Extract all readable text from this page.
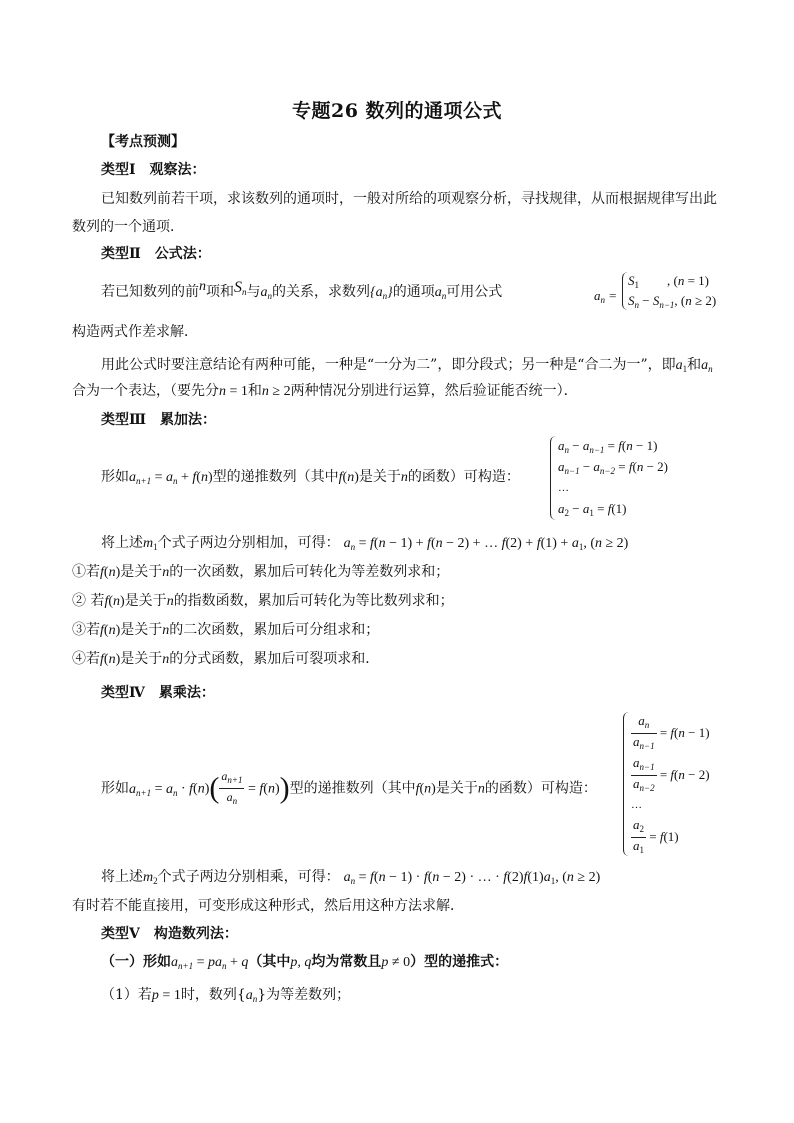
专题26 数列的通项公式
【考点预测】
类型Ⅰ　观察法：
已知数列前若干项，求该数列的通项时，一般对所给的项观察分析，寻找规律，从而根据规律写出此
数列的一个通项．
类型Ⅱ　公式法：
若已知数列的前n项和$S_n$与$a_n$的关系，求数列$\{a_n\}$的通项$a_n$可用公式	$a_n$ =
$S_1$ , (n = 1)
$S_n - S_{n-1}$, (n ≥ 2)
构造两式作差求解．
用此公式时要注意结论有两种可能，一种是“一分为二”，即分段式；另一种是“合二为一”，即$a_1$和$a_n$
合为一个表达，（要先分n = 1和n ≥ 2两种情况分别进行运算，然后验证能否统一）．
类型Ⅲ　累加法：
形如$a_{n+1} = a_n + f(n)$型的递推数列（其中f(n)是关于n的函数）可构造：
$a_n - a_{n-1} = f(n - 1)$
$a_{n-1} - a_{n-2} = f(n - 2)$
…
$a_2 - a_1 = f(1)$
将上述$m_1$个式子两边分别相加，可得： $a_n = f(n - 1) + f(n - 2)$ + … $f(2) + f(1) + a_1$, (n ≥ 2)
①若f(n)是关于n的一次函数，累加后可转化为等差数列求和；
② 若f(n)是关于n的指数函数，累加后可转化为等比数列求和；
③若f(n)是关于n的二次函数，累加后可分组求和；
④若f(n)是关于n的分式函数，累加后可裂项求和．
类型Ⅳ　累乘法：
形如$a_{n+1} = a_n \cdot f(n)( \frac{a_{n+1}}{a_n} = f(n))$型的递推数列（其中f(n)是关于n的函数）可构造：
$\frac{a_n}{a_{n-1}} = f(n - 1)$
$\frac{a_{n-1}}{a_{n-2}} = f(n - 2)$
…
$\frac{a_2}{a_1} = f(1)$
将上述$m_2$个式子两边分别相乘，可得： $a_n = f(n - 1) \cdot f(n - 2)$ · … · $f(2)f(1)a_1$, (n ≥ 2)
有时若不能直接用，可变形成这种形式，然后用这种方法求解．
类型Ⅴ　构造数列法：
（一）形如$a_{n+1} = pa_n + q$（其中p, q均为常数且p ≠ 0）型的递推式：
（1）若p = 1时，数列$\{a_n\}$为等差数列；
